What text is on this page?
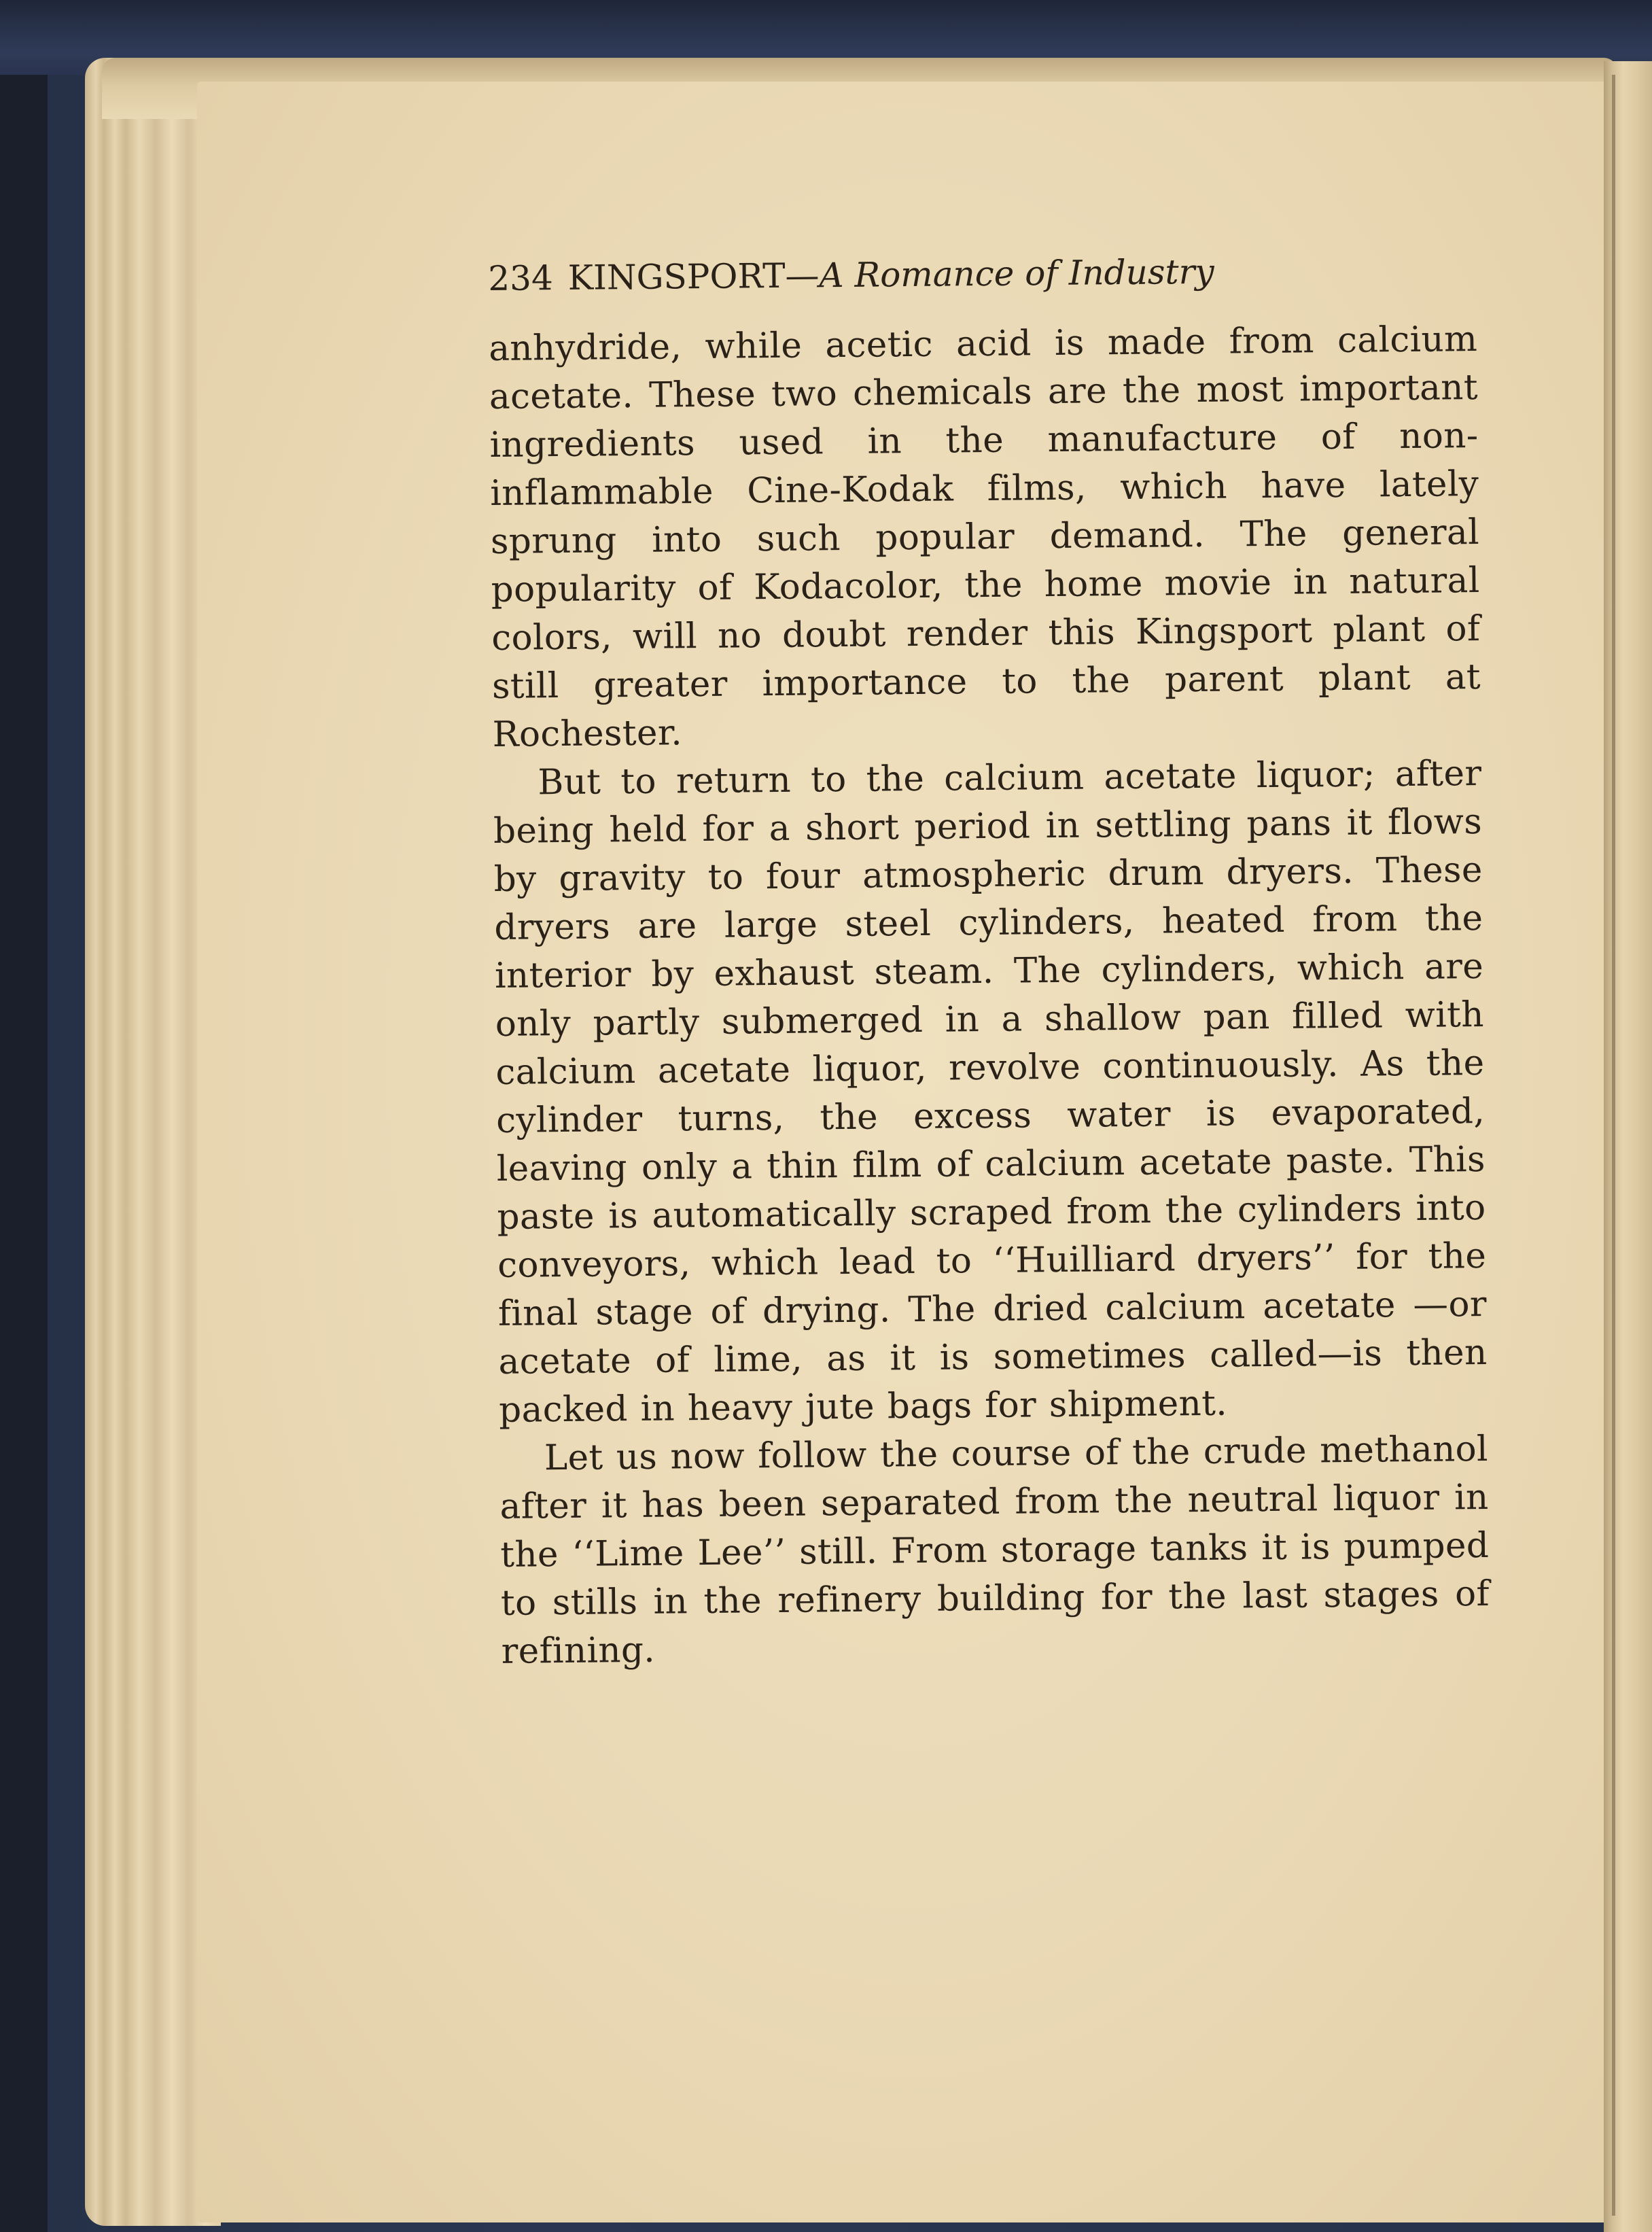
234 KINGSPORT— A Romance of Industry

anhydride, while acetic acid is made from calcium acetate. These two chemicals are the most important ingredients used in the manufacture of non-inflammable Cine-Kodak films, which have lately sprung into such popular demand. The general popularity of Kodacolor, the home movie in natural colors, will no doubt render this Kingsport plant of still greater importance to the parent plant at Rochester.

But to return to the calcium acetate liquor; after being held for a short period in settling pans it flows by gravity to four atmospheric drum dryers. These dryers are large steel cylinders, heated from the interior by exhaust steam. The cylinders, which are only partly submerged in a shallow pan filled with calcium acetate liquor, revolve continuously. As the cylinder turns, the excess water is evaporated, leaving only a thin film of calcium acetate paste. This paste is automatically scraped from the cylinders into conveyors, which lead to ‘‘Huilliard dryers’’ for the final stage of drying. The dried calcium acetate —or acetate of lime, as it is sometimes called—is then packed in heavy jute bags for shipment.

Let us now follow the course of the crude methanol after it has been separated from the neutral liquor in the ‘‘Lime Lee’’ still. From storage tanks it is pumped to stills in the refinery building for the last stages of refining.
